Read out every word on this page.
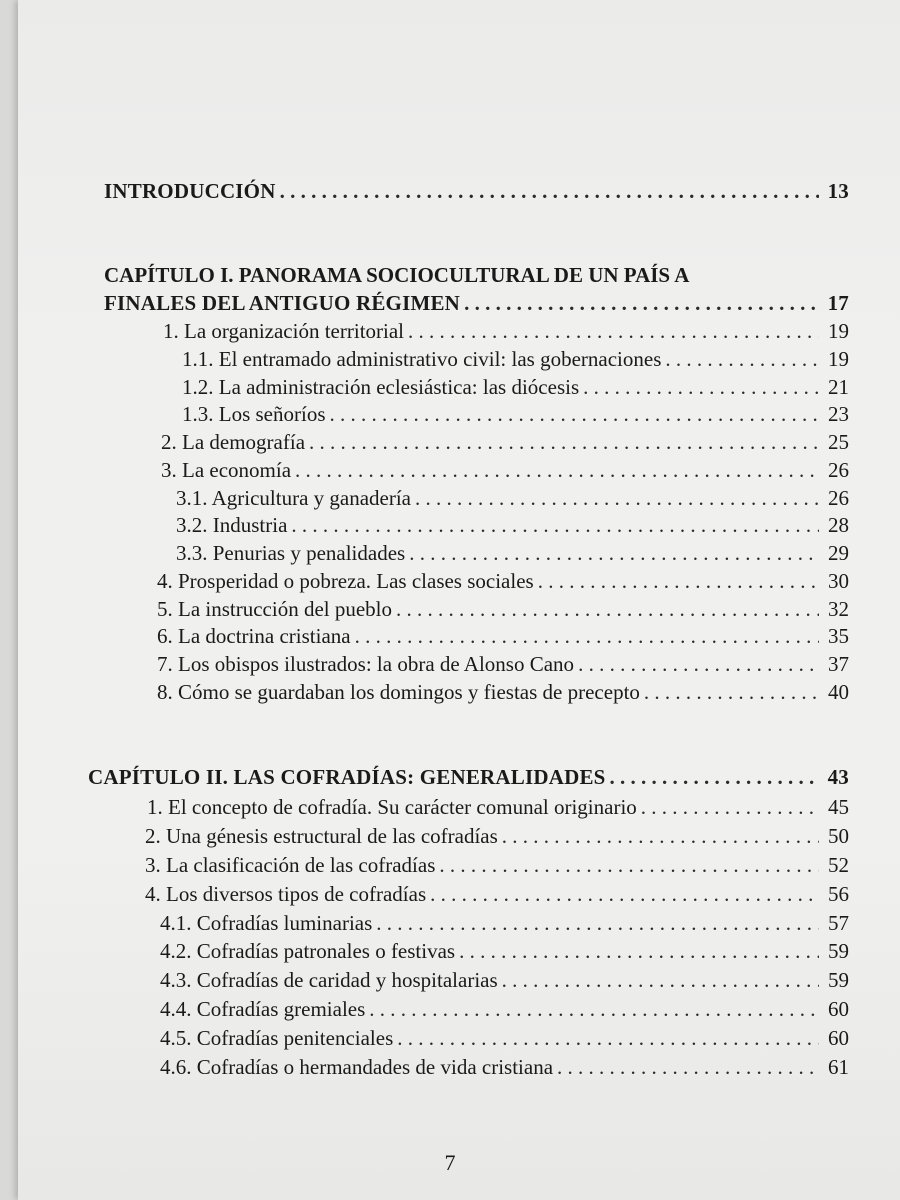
INTRODUCCIÓN . . .	13
CAPÍTULO I. PANORAMA SOCIOCULTURAL DE UN PAÍS A
FINALES DEL ANTIGUO RÉGIMEN . . .	17
1. La organización territorial . . .	19
1.1. El entramado administrativo civil: las gobernaciones . . .	19
1.2. La administración eclesiástica: las diócesis . . .	21
1.3. Los señoríos . . .	23
2. La demografía . . .	25
3. La economía . . .	26
3.1. Agricultura y ganadería . . .	26
3.2. Industria . . .	28
3.3. Penurias y penalidades . . .	29
4. Prosperidad o pobreza. Las clases sociales . . .	30
5. La instrucción del pueblo . . .	32
6. La doctrina cristiana . . .	35
7. Los obispos ilustrados: la obra de Alonso Cano . . .	37
8. Cómo se guardaban los domingos y fiestas de precepto . . .	40
CAPÍTULO II. LAS COFRADÍAS: GENERALIDADES . . .	43
1. El concepto de cofradía. Su carácter comunal originario . . .	45
2. Una génesis estructural de las cofradías . . .	50
3. La clasificación de las cofradías . . .	52
4. Los diversos tipos de cofradías . . .	56
4.1. Cofradías luminarias . . .	57
4.2. Cofradías patronales o festivas . . .	59
4.3. Cofradías de caridad y hospitalarias . . .	59
4.4. Cofradías gremiales . . .	60
4.5. Cofradías penitenciales . . .	60
4.6. Cofradías o hermandades de vida cristiana . . .	61
7
